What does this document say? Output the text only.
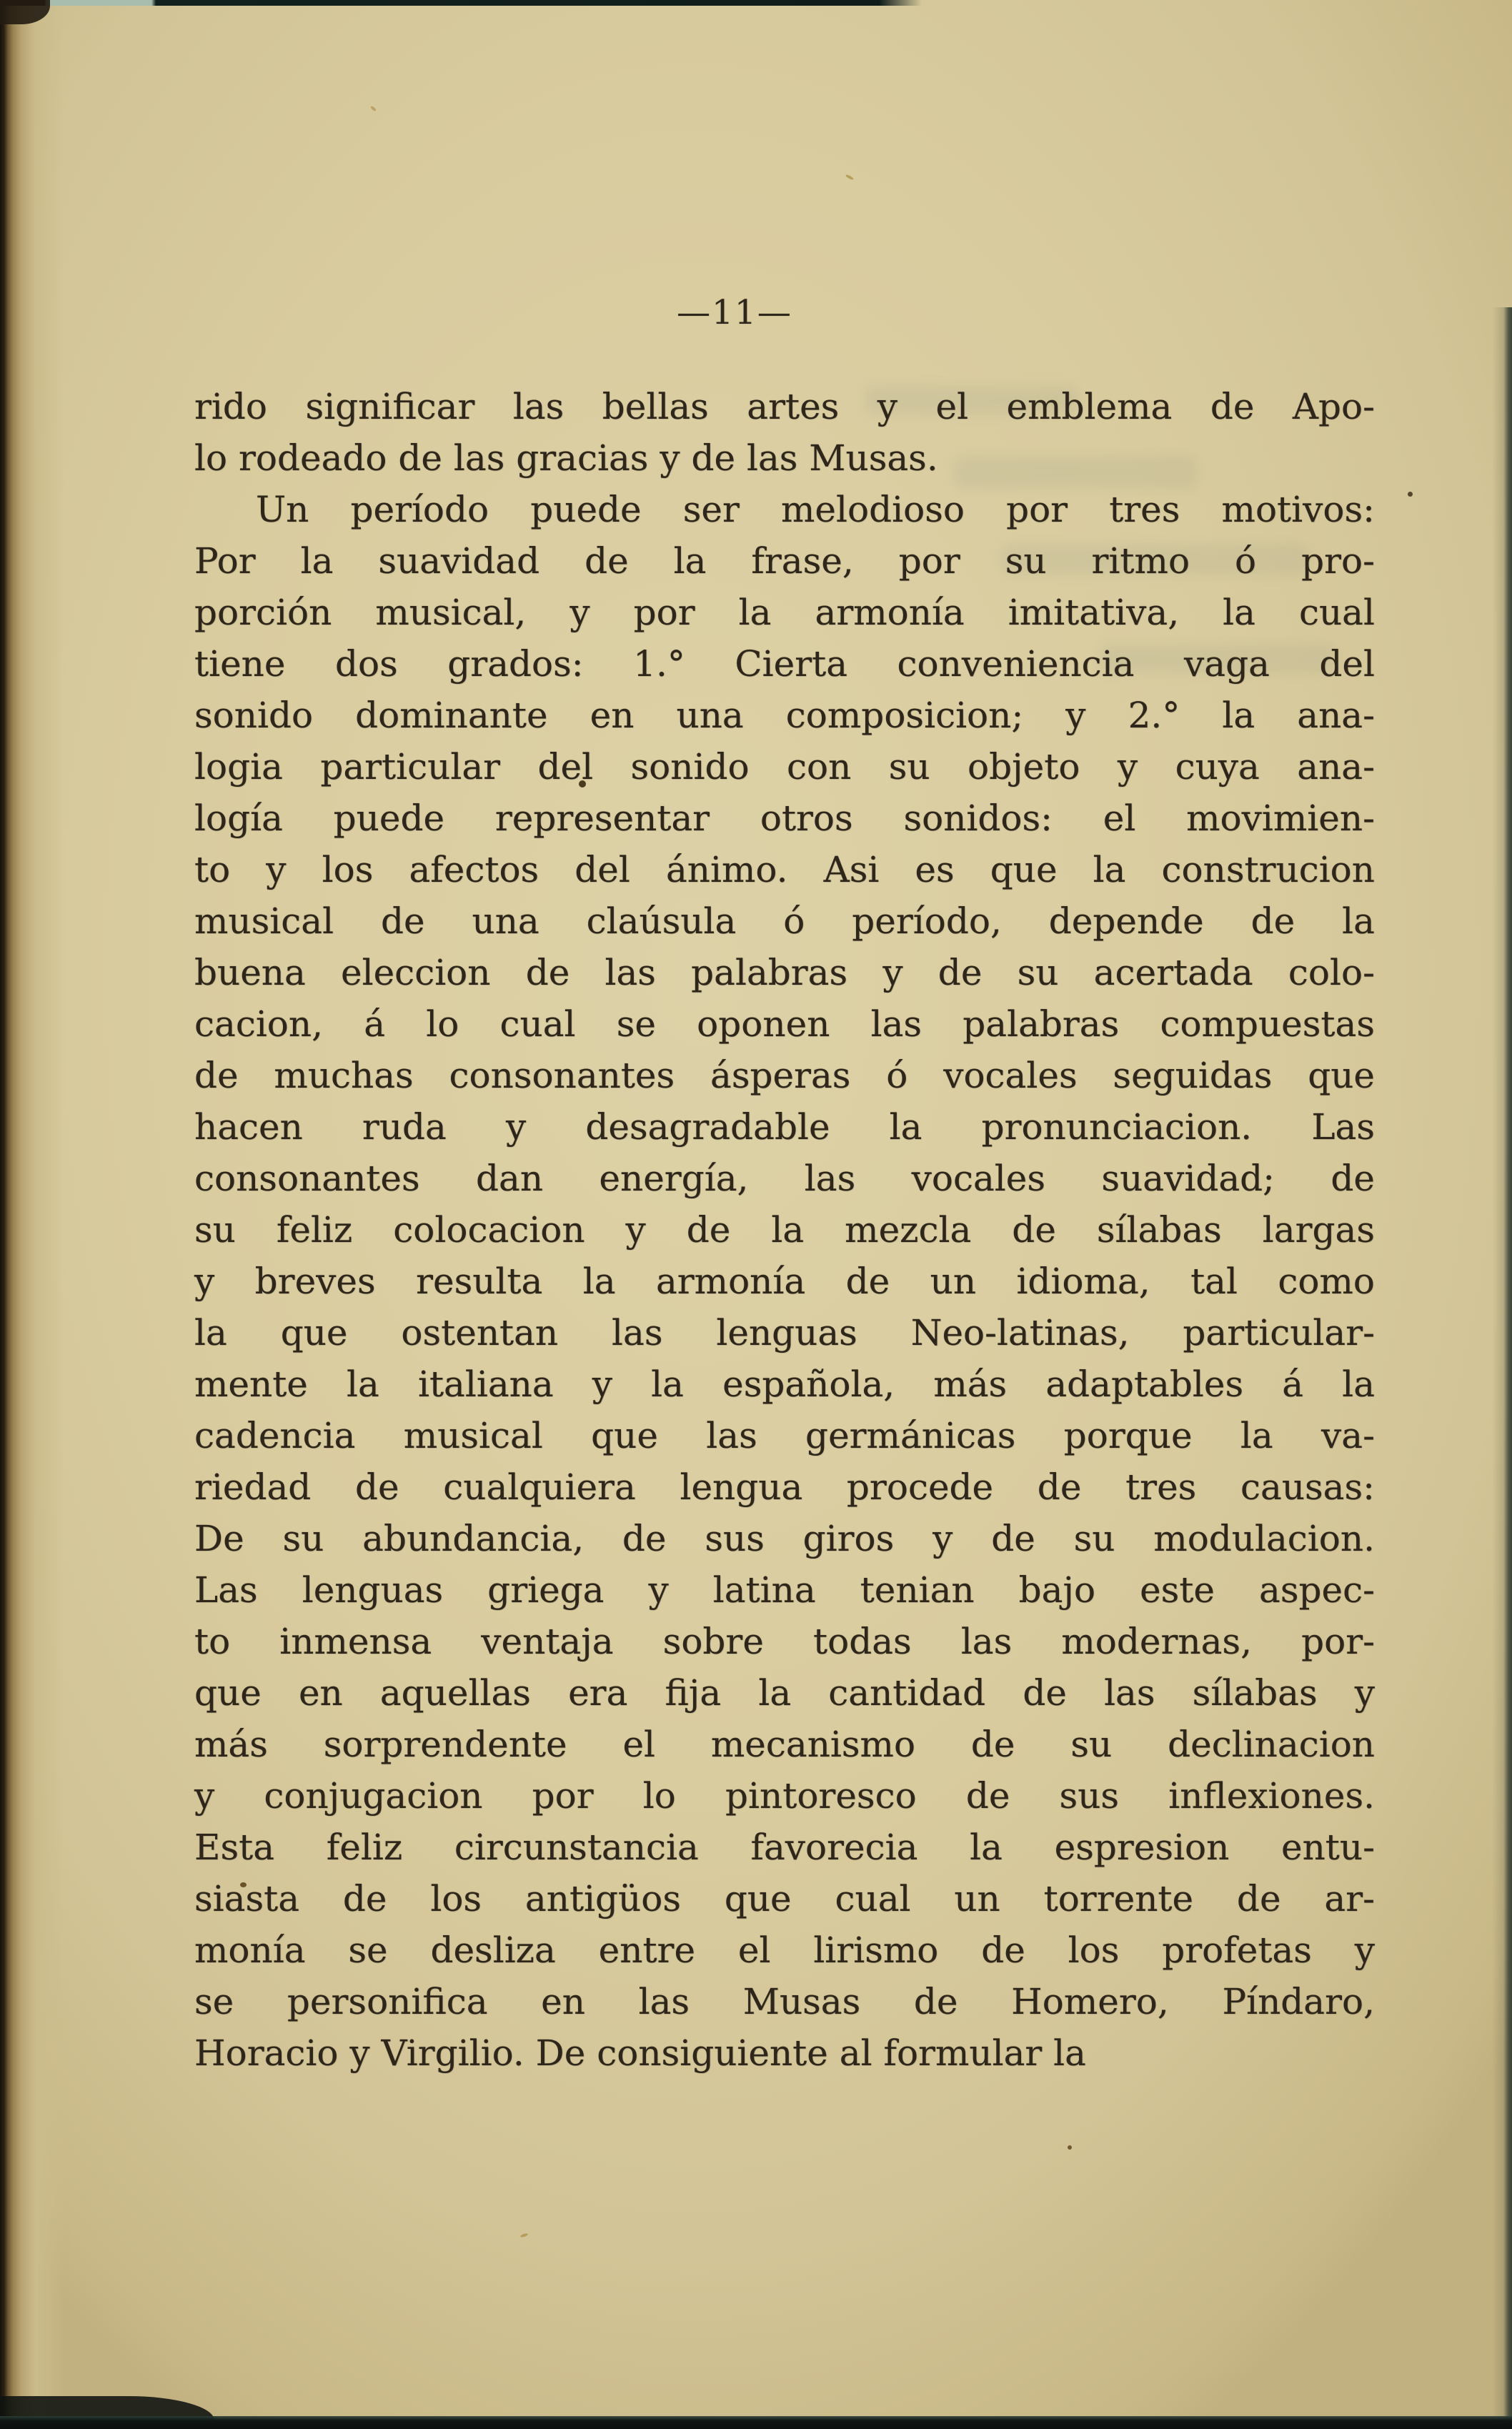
—11—
rido significar las bellas artes y el emblema de Apo-
lo rodeado de las gracias y de las Musas.
Un período puede ser melodioso por tres motivos:
Por la suavidad de la frase, por su ritmo ó pro-
porción musical, y por la armonía imitativa, la cual
tiene dos grados: 1.° Cierta conveniencia vaga del
sonido dominante en una composicion; y 2.° la ana-
logia particular del sonido con su objeto y cuya ana-
logía puede representar otros sonidos: el movimien-
to y los afectos del ánimo. Asi es que la construcion
musical de una claúsula ó período, depende de la
buena eleccion de las palabras y de su acertada colo-
cacion, á lo cual se oponen las palabras compuestas
de muchas consonantes ásperas ó vocales seguidas que
hacen ruda y desagradable la pronunciacion. Las
consonantes dan energía, las vocales suavidad; de
su feliz colocacion y de la mezcla de sílabas largas
y breves resulta la armonía de un idioma, tal como
la que ostentan las lenguas Neo-latinas, particular-
mente la italiana y la española, más adaptables á la
cadencia musical que las germánicas porque la va-
riedad de cualquiera lengua procede de tres causas:
De su abundancia, de sus giros y de su modulacion.
Las lenguas griega y latina tenian bajo este aspec-
to inmensa ventaja sobre todas las modernas, por-
que en aquellas era fija la cantidad de las sílabas y
más sorprendente el mecanismo de su declinacion
y conjugacion por lo pintoresco de sus inflexiones.
Esta feliz circunstancia favorecia la espresion entu-
siasta de los antigüos que cual un torrente de ar-
monía se desliza entre el lirismo de los profetas y
se personifica en las Musas de Homero, Píndaro,
Horacio y Virgilio. De consiguiente al formular la
